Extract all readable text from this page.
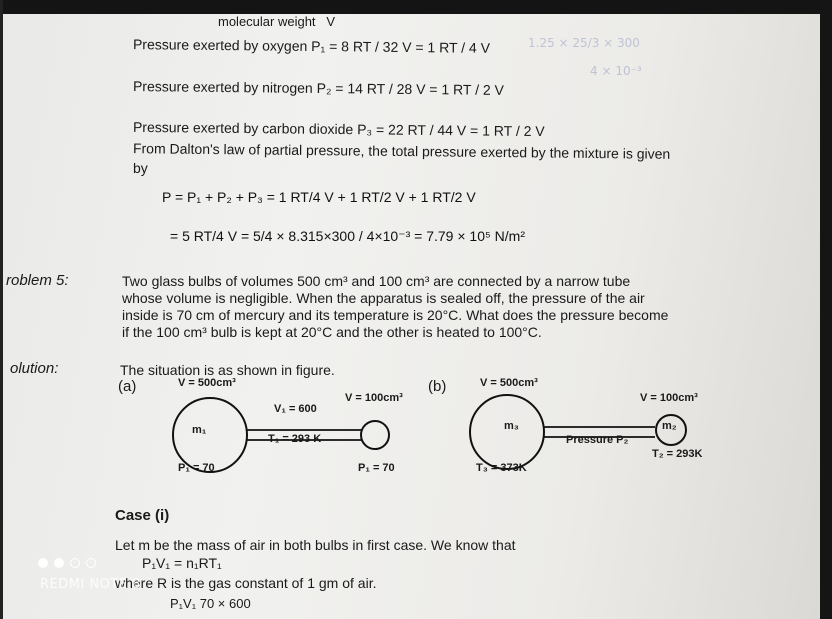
molecular weight V
1.25 × 25/3 × 300
4 × 10⁻³
Pressure exerted by oxygen P₁ = 8 RT / 32 V = 1 RT / 4 V
Pressure exerted by nitrogen P₂ = 14 RT / 28 V = 1 RT / 2 V
Pressure exerted by carbon dioxide P₃ = 22 RT / 44 V = 1 RT / 2 V
From Dalton's law of partial pressure, the total pressure exerted by the mixture is given
by
P = P₁ + P₂ + P₃ = 1 RT/4 V + 1 RT/2 V + 1 RT/2 V
= 5 RT/4 V = 5/4 × 8.315×300 / 4×10⁻³ = 7.79 × 10⁵ N/m²
roblem 5:	Two glass bulbs of volumes 500 cm³ and 100 cm³ are connected by a narrow tube
whose volume is negligible. When the apparatus is sealed off, the pressure of the air
inside is 70 cm of mercury and its temperature is 20°C. What does the pressure become
if the 100 cm³ bulb is kept at 20°C and the other is heated to 100°C.
olution:	The situation is as shown in figure.
(a)	V = 500cm³
V = 100cm³
V₁ = 600
m₁
T₁ = 293 K
P₁ = 70	P₁ = 70
(b)	V = 500cm³
V = 100cm³
m₃	m₂
Pressure P₂
T₂ = 293K
T₃ = 373K
Case (i)
Let m be the mass of air in both bulbs in first case. We know that
P₁V₁ = n₁RT₁
where R is the gas constant of 1 gm of air.
P₁V₁ 70 × 600
REDMI NOTE 8
